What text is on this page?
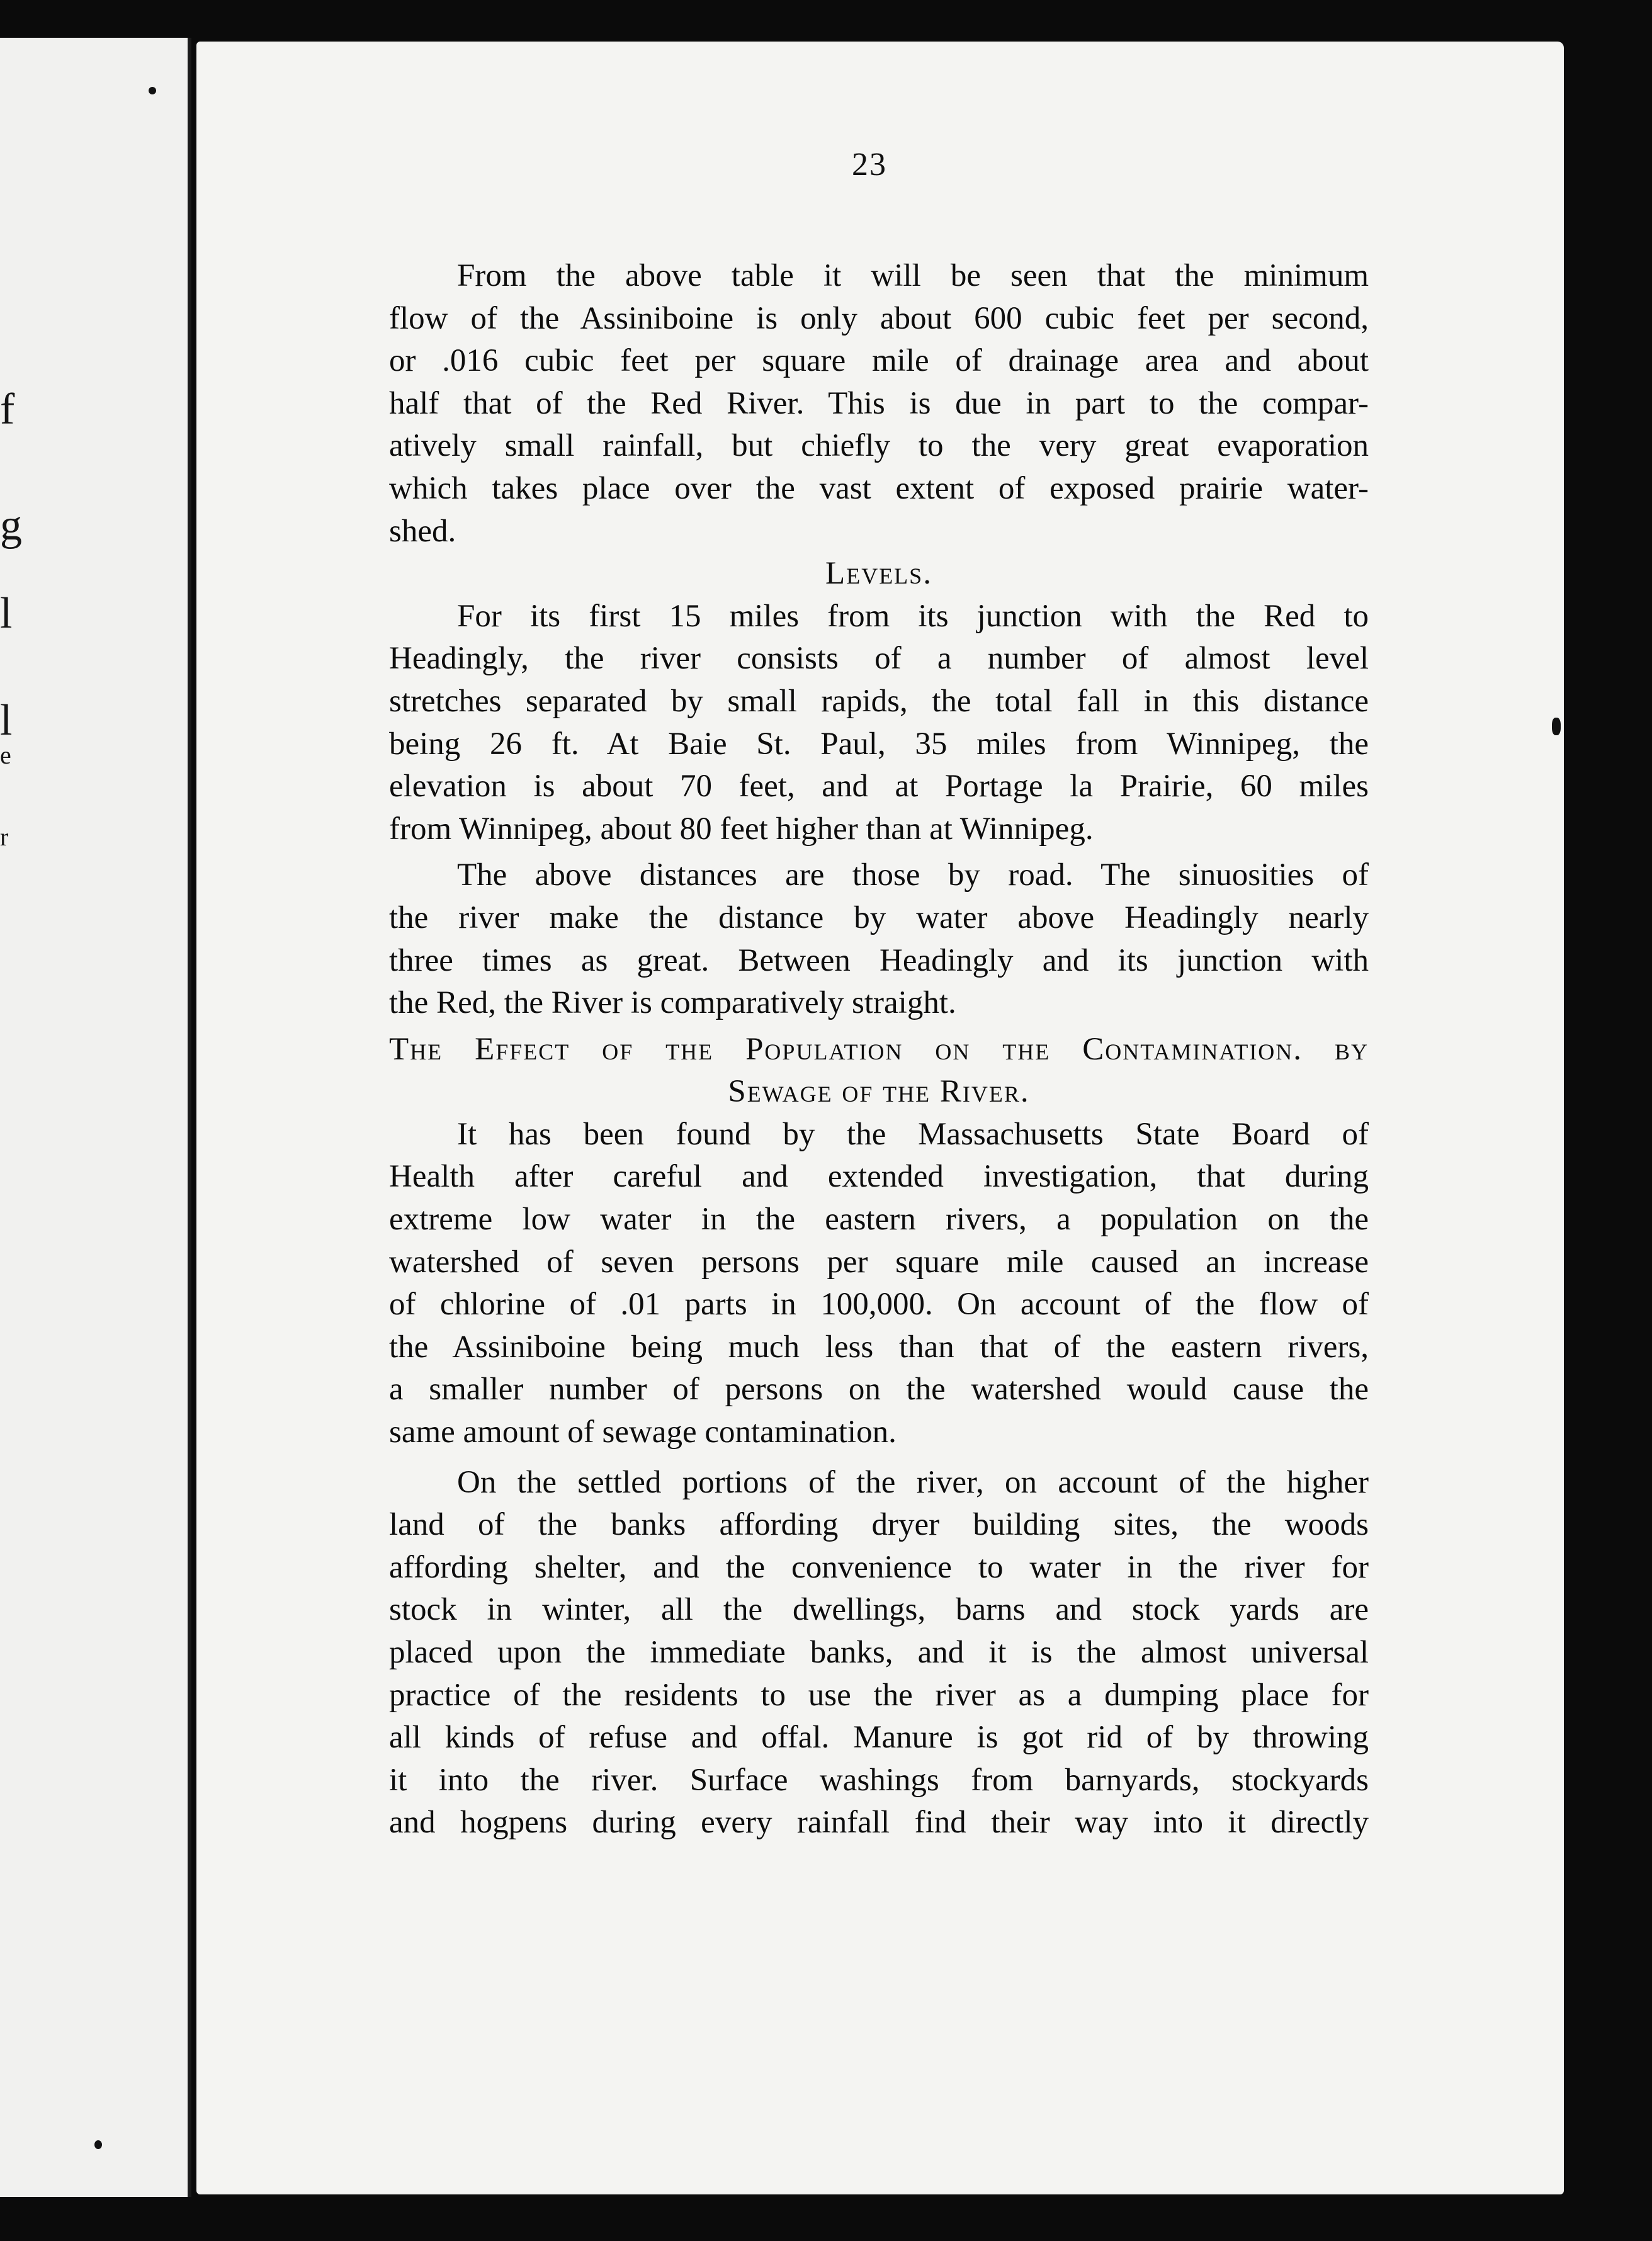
f
g
l
l
e
r
23
From the above table it will be seen that the minimum
flow of the Assiniboine is only about 600 cubic feet per second,
or .016 cubic feet per square mile of drainage area and about
half that of the Red River. This is due in part to the compar-
atively small rainfall, but chiefly to the very great evaporation
which takes place over the vast extent of exposed prairie water-
shed.
Levels.
For its first 15 miles from its junction with the Red to
Headingly, the river consists of a number of almost level
stretches separated by small rapids, the total fall in this distance
being 26 ft. At Baie St. Paul, 35 miles from Winnipeg, the
elevation is about 70 feet, and at Portage la Prairie, 60 miles
from Winnipeg, about 80 feet higher than at Winnipeg.
The above distances are those by road. The sinuosities of
the river make the distance by water above Headingly nearly
three times as great. Between Headingly and its junction with
the Red, the River is comparatively straight.
The Effect of the Population on the Contamination. by
Sewage of the River.
It has been found by the Massachusetts State Board of
Health after careful and extended investigation, that during
extreme low water in the eastern rivers, a population on the
watershed of seven persons per square mile caused an increase
of chlorine of .01 parts in 100,000. On account of the flow of
the Assiniboine being much less than that of the eastern rivers,
a smaller number of persons on the watershed would cause the
same amount of sewage contamination.
On the settled portions of the river, on account of the higher
land of the banks affording dryer building sites, the woods
affording shelter, and the convenience to water in the river for
stock in winter, all the dwellings, barns and stock yards are
placed upon the immediate banks, and it is the almost universal
practice of the residents to use the river as a dumping place for
all kinds of refuse and offal. Manure is got rid of by throwing
it into the river. Surface washings from barnyards, stockyards
and hogpens during every rainfall find their way into it directly
